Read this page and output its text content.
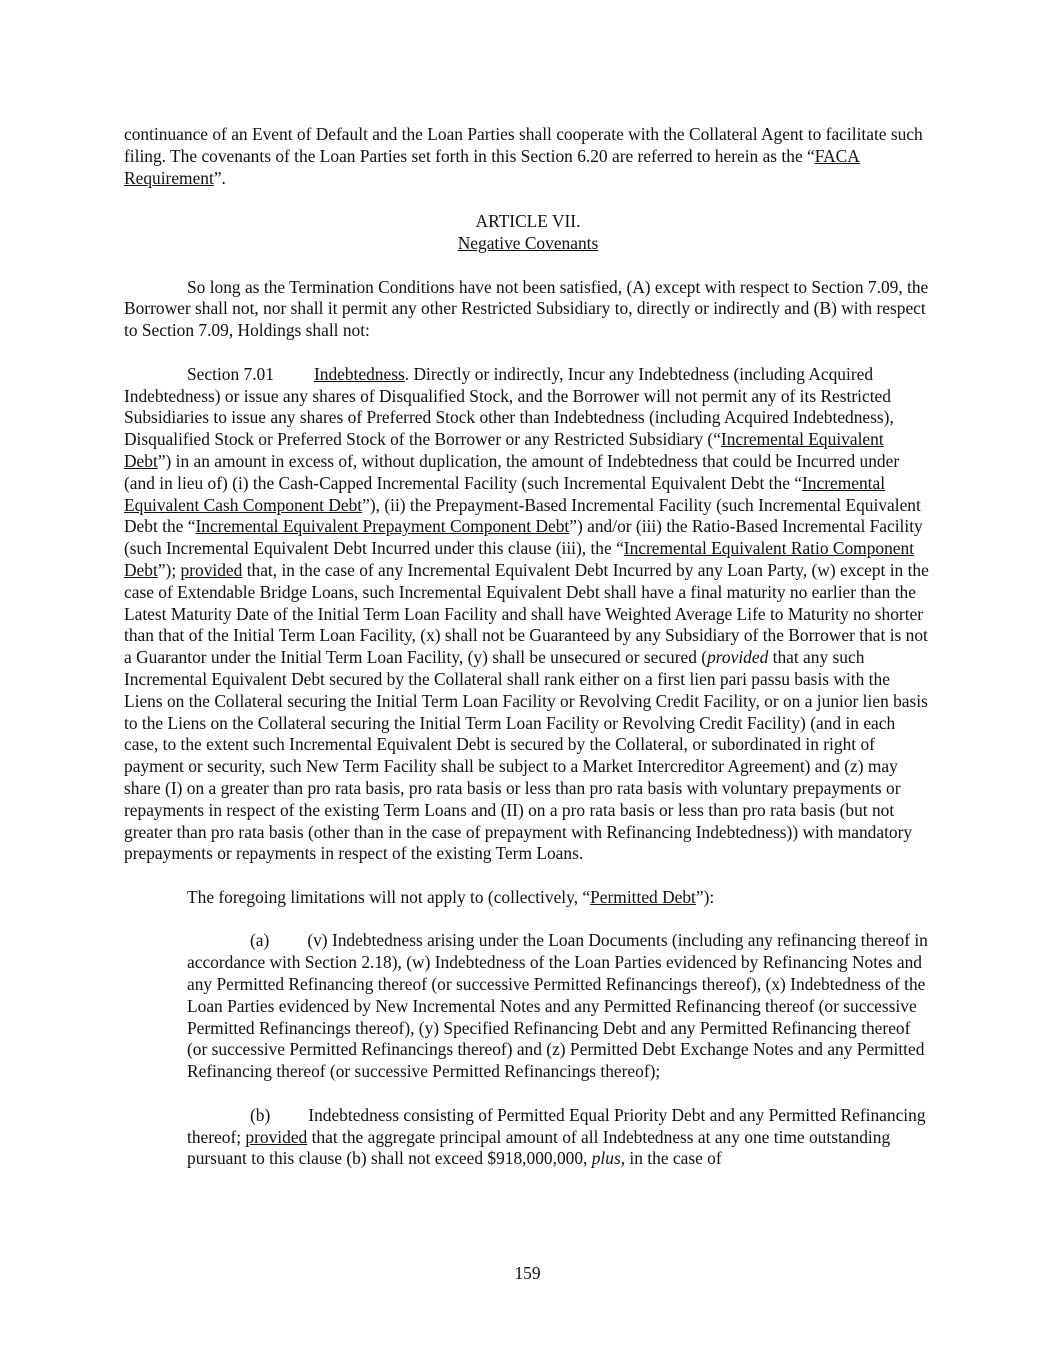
continuance of an Event of Default and the Loan Parties shall cooperate with the Collateral Agent to facilitate such filing. The covenants of the Loan Parties set forth in this Section 6.20 are referred to herein as the “FACA Requirement”.

ARTICLE VII.

Negative Covenants

So long as the Termination Conditions have not been satisfied, (A) except with respect to Section 7.09, the Borrower shall not, nor shall it permit any other Restricted Subsidiary to, directly or indirectly and (B) with respect to Section 7.09, Holdings shall not:

Section 7.01 Indebtedness. Directly or indirectly, Incur any Indebtedness (including Acquired Indebtedness) or issue any shares of Disqualified Stock, and the Borrower will not permit any of its Restricted Subsidiaries to issue any shares of Preferred Stock other than Indebtedness (including Acquired Indebtedness), Disqualified Stock or Preferred Stock of the Borrower or any Restricted Subsidiary (“Incremental Equivalent Debt”) in an amount in excess of, without duplication, the amount of Indebtedness that could be Incurred under (and in lieu of) (i) the Cash-Capped Incremental Facility (such Incremental Equivalent Debt the “Incremental Equivalent Cash Component Debt”), (ii) the Prepayment-Based Incremental Facility (such Incremental Equivalent Debt the “Incremental Equivalent Prepayment Component Debt”) and/or (iii) the Ratio-Based Incremental Facility (such Incremental Equivalent Debt Incurred under this clause (iii), the “Incremental Equivalent Ratio Component Debt”); provided that, in the case of any Incremental Equivalent Debt Incurred by any Loan Party, (w) except in the case of Extendable Bridge Loans, such Incremental Equivalent Debt shall have a final maturity no earlier than the Latest Maturity Date of the Initial Term Loan Facility and shall have Weighted Average Life to Maturity no shorter than that of the Initial Term Loan Facility, (x) shall not be Guaranteed by any Subsidiary of the Borrower that is not a Guarantor under the Initial Term Loan Facility, (y) shall be unsecured or secured (provided that any such Incremental Equivalent Debt secured by the Collateral shall rank either on a first lien pari passu basis with the Liens on the Collateral securing the Initial Term Loan Facility or Revolving Credit Facility, or on a junior lien basis to the Liens on the Collateral securing the Initial Term Loan Facility or Revolving Credit Facility) (and in each case, to the extent such Incremental Equivalent Debt is secured by the Collateral, or subordinated in right of payment or security, such New Term Facility shall be subject to a Market Intercreditor Agreement) and (z) may share (I) on a greater than pro rata basis, pro rata basis or less than pro rata basis with voluntary prepayments or repayments in respect of the existing Term Loans and (II) on a pro rata basis or less than pro rata basis (but not greater than pro rata basis (other than in the case of prepayment with Refinancing Indebtedness)) with mandatory prepayments or repayments in respect of the existing Term Loans.

The foregoing limitations will not apply to (collectively, “Permitted Debt”):

(a) (v) Indebtedness arising under the Loan Documents (including any refinancing thereof in accordance with Section 2.18), (w) Indebtedness of the Loan Parties evidenced by Refinancing Notes and any Permitted Refinancing thereof (or successive Permitted Refinancings thereof), (x) Indebtedness of the Loan Parties evidenced by New Incremental Notes and any Permitted Refinancing thereof (or successive Permitted Refinancings thereof), (y) Specified Refinancing Debt and any Permitted Refinancing thereof (or successive Permitted Refinancings thereof) and (z) Permitted Debt Exchange Notes and any Permitted Refinancing thereof (or successive Permitted Refinancings thereof);

(b) Indebtedness consisting of Permitted Equal Priority Debt and any Permitted Refinancing thereof; provided that the aggregate principal amount of all Indebtedness at any one time outstanding pursuant to this clause (b) shall not exceed $918,000,000, plus, in the case of

159
